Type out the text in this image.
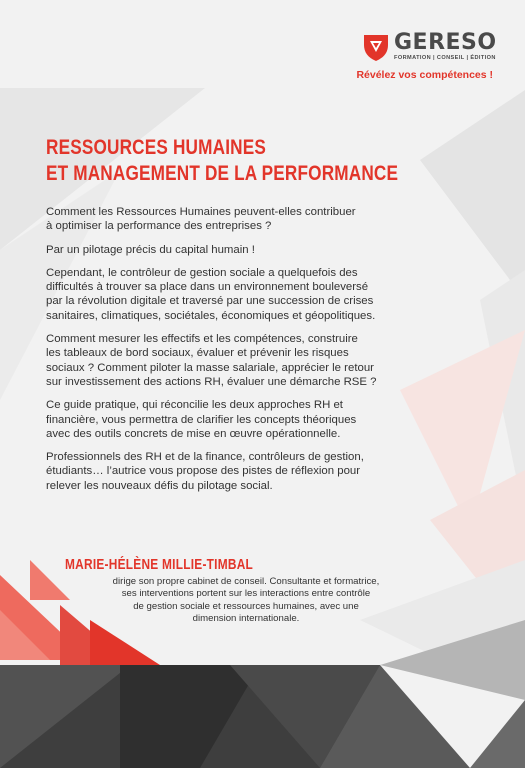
GERESO
FORMATION | CONSEIL | ÉDITION
Révélez vos compétences !
RESSOURCES HUMAINES
ET MANAGEMENT DE LA PERFORMANCE

Comment les Ressources Humaines peuvent-elles contribuer
à optimiser la performance des entreprises ?

Par un pilotage précis du capital humain !

Cependant, le contrôleur de gestion sociale a quelquefois des
difficultés à trouver sa place dans un environnement bouleversé
par la révolution digitale et traversé par une succession de crises
sanitaires, climatiques, sociétales, économiques et géopolitiques.

Comment mesurer les effectifs et les compétences, construire
les tableaux de bord sociaux, évaluer et prévenir les risques
sociaux ? Comment piloter la masse salariale, apprécier le retour
sur investissement des actions RH, évaluer une démarche RSE ?

Ce guide pratique, qui réconcilie les deux approches RH et
financière, vous permettra de clarifier les concepts théoriques
avec des outils concrets de mise en œuvre opérationnelle.

Professionnels des RH et de la finance, contrôleurs de gestion,
étudiants… l’autrice vous propose des pistes de réflexion pour
relever les nouveaux défis du pilotage social.

MARIE-HÉLÈNE MILLIE-TIMBAL
dirige son propre cabinet de conseil. Consultante et formatrice,
ses interventions portent sur les interactions entre contrôle
de gestion sociale et ressources humaines, avec une
dimension internationale.
